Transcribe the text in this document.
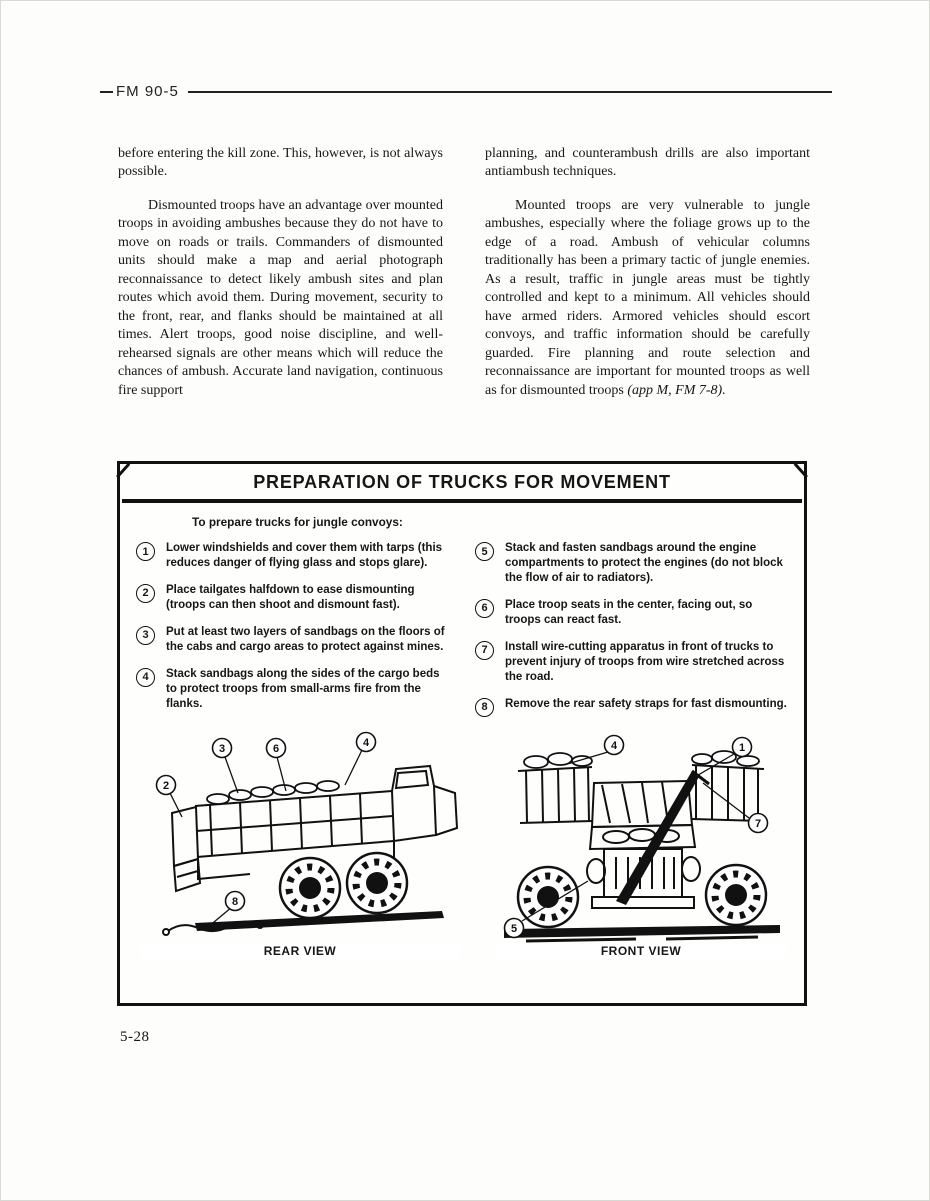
FM 90-5

before entering the kill zone. This, however, is not always possible.

Dismounted troops have an advantage over mounted troops in avoiding ambushes because they do not have to move on roads or trails. Commanders of dismounted units should make a map and aerial photograph reconnaissance to detect likely ambush sites and plan routes which avoid them. During movement, security to the front, rear, and flanks should be maintained at all times. Alert troops, good noise discipline, and well-rehearsed signals are other means which will reduce the chances of ambush. Accurate land navigation, continuous fire support

planning, and counterambush drills are also important antiambush techniques.

Mounted troops are very vulnerable to jungle ambushes, especially where the foliage grows up to the edge of a road. Ambush of vehicular columns traditionally has been a primary tactic of jungle enemies. As a result, traffic in jungle areas must be tightly controlled and kept to a minimum. All vehicles should have armed riders. Armored vehicles should escort convoys, and traffic information should be carefully guarded. Fire planning and route selection and reconnaissance are important for mounted troops as well as for dismounted troops (app M, FM 7-8).

PREPARATION OF TRUCKS FOR MOVEMENT
To prepare trucks for jungle convoys:
1	Lower windshields and cover them with tarps (this reduces danger of flying glass and stops glare).
2	Place tailgates halfdown to ease dismounting (troops can then shoot and dismount fast).
3	Put at least two layers of sandbags on the floors of the cabs and cargo areas to protect against mines.
4	Stack sandbags along the sides of the cargo beds to protect troops from small-arms fire from the flanks.
5	Stack and fasten sandbags around the engine compartments to protect the engines (do not block the flow of air to radiators).
6	Place troop seats in the center, facing out, so troops can react fast.
7	Install wire-cutting apparatus in front of trucks to prevent injury of troops from wire stretched across the road.
8	Remove the rear safety straps for fast dismounting.
2
3	6	4
8
REAR VIEW
4	1
7
5
FRONT VIEW
5-28
